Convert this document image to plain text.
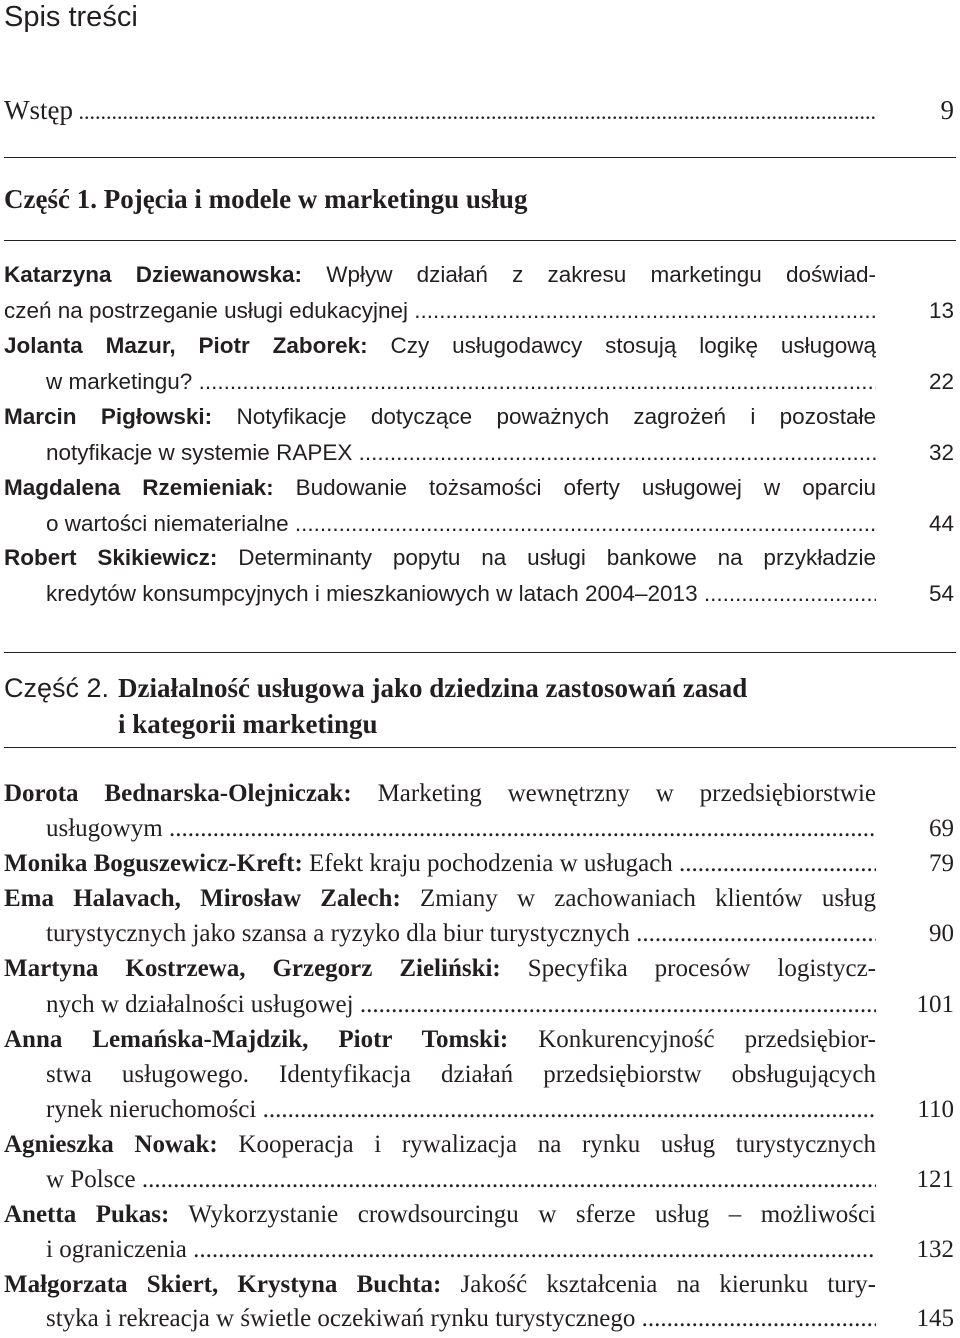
Spis treści
Wstęp .....	9
Część 1. Pojęcia i modele w marketingu usług
Katarzyna Dziewanowska: Wpływ działań z zakresu marketingu doświad-
czeń na postrzeganie usługi edukacyjnej .....	13
Jolanta Mazur, Piotr Zaborek: Czy usługodawcy stosują logikę usługową
w marketingu? .....	22
Marcin Pigłowski: Notyfikacje dotyczące poważnych zagrożeń i pozostałe
notyfikacje w systemie RAPEX .....	32
Magdalena Rzemieniak: Budowanie tożsamości oferty usługowej w oparciu
o wartości niematerialne .....	44
Robert Skikiewicz: Determinanty popytu na usługi bankowe na przykładzie
kredytów konsumpcyjnych i mieszkaniowych w latach 2004–2013 .....	54
Część 2. Działalność usługowa jako dziedzina zastosowań zasad
i kategorii marketingu
Dorota Bednarska-Olejniczak: Marketing wewnętrzny w przedsiębiorstwie
usługowym .....	69
Monika Boguszewicz-Kreft: Efekt kraju pochodzenia w usługach .....	79
Ema Halavach, Mirosław Zalech: Zmiany w zachowaniach klientów usług
turystycznych jako szansa a ryzyko dla biur turystycznych .....	90
Martyna Kostrzewa, Grzegorz Zieliński: Specyfika procesów logistycz-
nych w działalności usługowej .....	101
Anna Lemańska-Majdzik, Piotr Tomski: Konkurencyjność przedsiębior-
stwa usługowego. Identyfikacja działań przedsiębiorstw obsługujących
rynek nieruchomości .....	110
Agnieszka Nowak: Kooperacja i rywalizacja na rynku usług turystycznych
w Polsce .....	121
Anetta Pukas: Wykorzystanie crowdsourcingu w sferze usług – możliwości
i ograniczenia .....	132
Małgorzata Skiert, Krystyna Buchta: Jakość kształcenia na kierunku tury-
styka i rekreacja w świetle oczekiwań rynku turystycznego .....	145
